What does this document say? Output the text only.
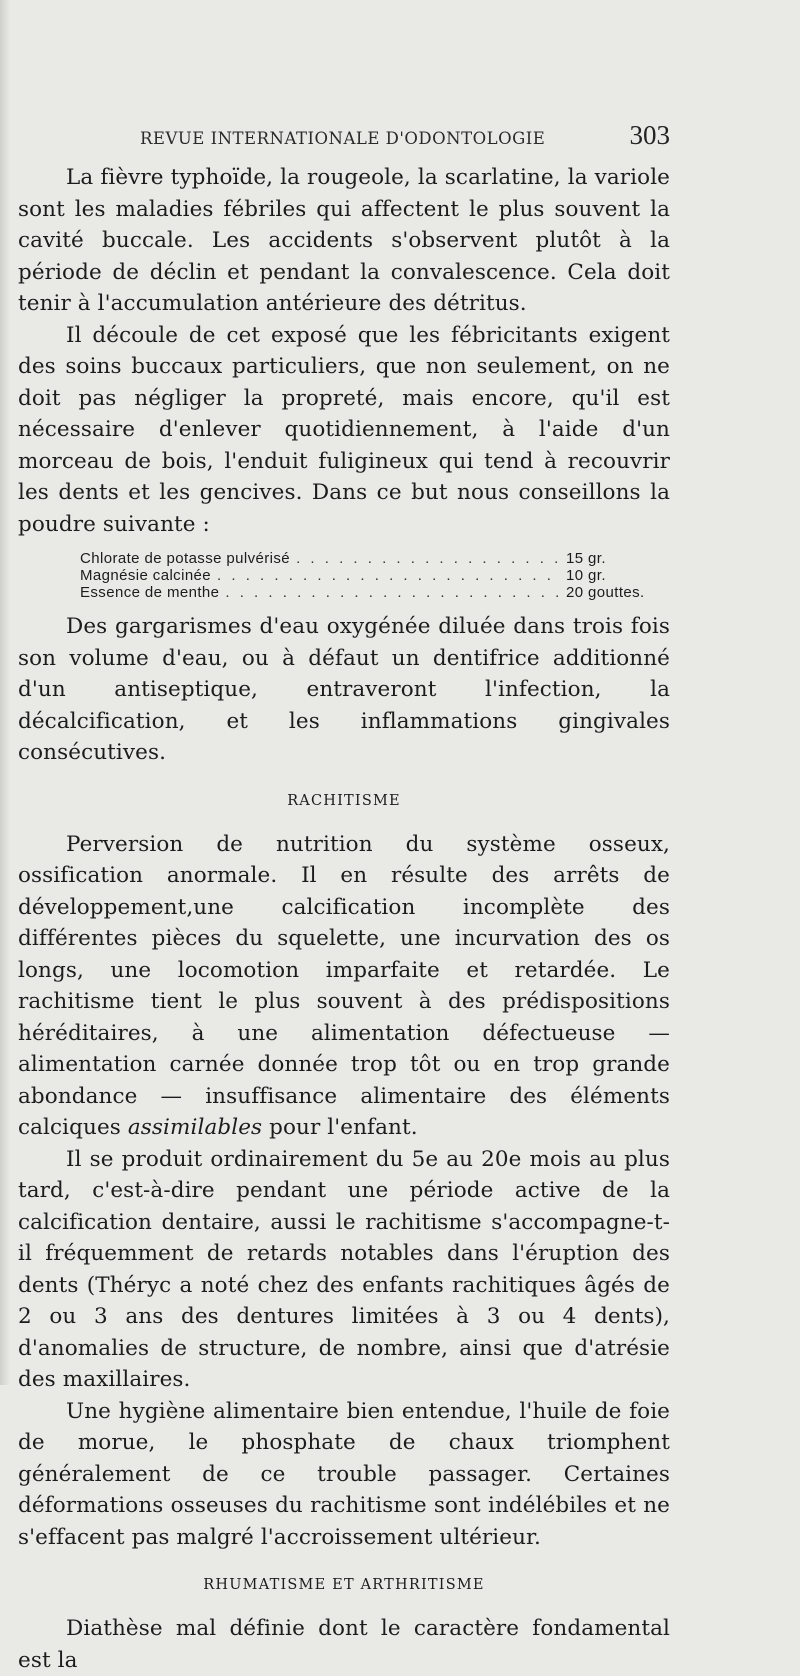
REVUE INTERNATIONALE D'ODONTOLOGIE	303

La fièvre typhoïde, la rougeole, la scarlatine, la variole sont les maladies fébriles qui affectent le plus souvent la cavité buccale. Les accidents s'observent plutôt à la période de déclin et pendant la convalescence. Cela doit tenir à l'accumulation antérieure des détritus.

Il découle de cet exposé que les fébricitants exigent des soins buccaux particuliers, que non seulement, on ne doit pas négliger la propreté, mais encore, qu'il est nécessaire d'enlever quotidiennement, à l'aide d'un morceau de bois, l'enduit fuligineux qui tend à recouvrir les dents et les gencives. Dans ce but nous conseillons la poudre suivante :

Chlorate de potasse pulvérisé . . .	15 gr.
Magnésie calcinée . . .	10 gr.
Essence de menthe . . .	20 gouttes.

Des gargarismes d'eau oxygénée diluée dans trois fois son volume d'eau, ou à défaut un dentifrice additionné d'un antiseptique, entraveront l'infection, la décalcification, et les inflammations gingivales consécutives.

RACHITISME

Perversion de nutrition du système osseux, ossification anormale. Il en résulte des arrêts de développement,une calcification incomplète des différentes pièces du squelette, une incurvation des os longs, une locomotion imparfaite et retardée. Le rachitisme tient le plus souvent à des prédispositions héréditaires, à une alimentation défectueuse — alimentation carnée donnée trop tôt ou en trop grande abondance — insuffisance alimentaire des éléments calciques assimilables pour l'enfant.

Il se produit ordinairement du 5e au 20e mois au plus tard, c'est-à-dire pendant une période active de la calcification dentaire, aussi le rachitisme s'accompagne-t-il fréquemment de retards notables dans l'éruption des dents (Théryc a noté chez des enfants rachitiques âgés de 2 ou 3 ans des dentures limitées à 3 ou 4 dents), d'anomalies de structure, de nombre, ainsi que d'atrésie des maxillaires.

Une hygiène alimentaire bien entendue, l'huile de foie de morue, le phosphate de chaux triomphent généralement de ce trouble passager. Certaines déformations osseuses du rachitisme sont indélébiles et ne s'effacent pas malgré l'accroissement ultérieur.

RHUMATISME ET ARTHRITISME

Diathèse mal définie dont le caractère fondamental est la
